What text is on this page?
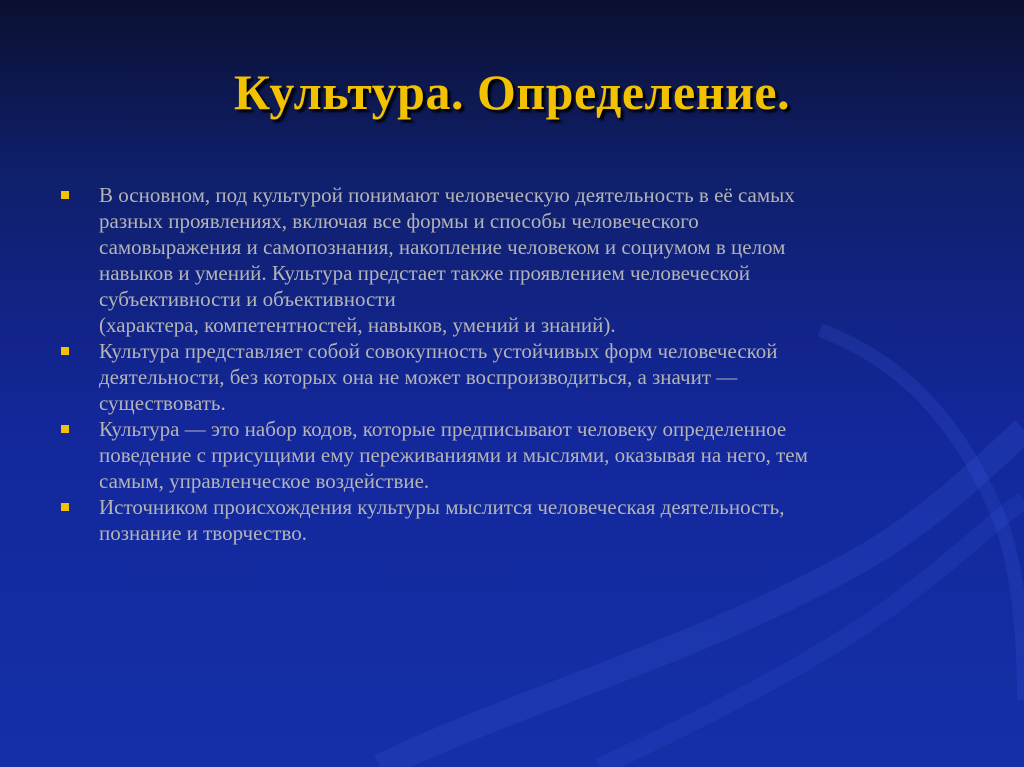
Культура. Определение.
В основном, под культурой понимают человеческую деятельность в её самых
разных проявлениях, включая все формы и способы человеческого
самовыражения и самопознания, накопление человеком и социумом в целом
навыков и умений. Культура предстает также проявлением человеческой
субъективности и объективности
(характера, компетентностей, навыков, умений и знаний).
Культура представляет собой совокупность устойчивых форм человеческой
деятельности, без которых она не может воспроизводиться, а значит —
существовать.
Культура — это набор кодов, которые предписывают человеку определенное
поведение с присущими ему переживаниями и мыслями, оказывая на него, тем
самым, управленческое воздействие.
Источником происхождения культуры мыслится человеческая деятельность,
познание и творчество.
